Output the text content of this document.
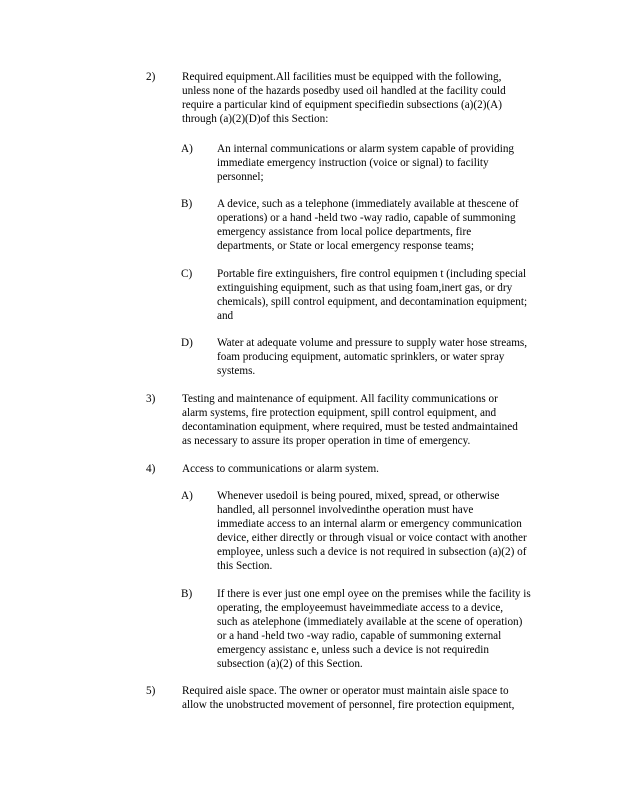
2) Required equipment.All facilities must be equipped with the following,
unless none of the hazards posedby used oil handled at the facility could
require a particular kind of equipment specifiedin subsections (a)(2)(A)
through (a)(2)(D)of this Section:
A) An internal communications or alarm system capable of providing
immediate emergency instruction (voice or signal) to facility
personnel;
B) A device, such as a telephone (immediately available at thescene of
operations) or a hand -held two -way radio, capable of summoning
emergency assistance from local police departments, fire
departments, or State or local emergency response teams;
C) Portable fire extinguishers, fire control equipmen t (including special
extinguishing equipment, such as that using foam,inert gas, or dry
chemicals), spill control equipment, and decontamination equipment;
and
D) Water at adequate volume and pressure to supply water hose streams,
foam producing equipment, automatic sprinklers, or water spray
systems.
3) Testing and maintenance of equipment. All facility communications or
alarm systems, fire protection equipment, spill control equipment, and
decontamination equipment, where required, must be tested andmaintained
as necessary to assure its proper operation in time of emergency.
4) Access to communications or alarm system.
A) Whenever usedoil is being poured, mixed, spread, or otherwise
handled, all personnel involvedinthe operation must have
immediate access to an internal alarm or emergency communication
device, either directly or through visual or voice contact with another
employee, unless such a device is not required in subsection (a)(2) of
this Section.
B) If there is ever just one empl oyee on the premises while the facility is
operating, the employeemust haveimmediate access to a device,
such as atelephone (immediately available at the scene of operation)
or a hand -held two -way radio, capable of summoning external
emergency assistanc e, unless such a device is not requiredin
subsection (a)(2) of this Section.
5) Required aisle space. The owner or operator must maintain aisle space to
allow the unobstructed movement of personnel, fire protection equipment,
